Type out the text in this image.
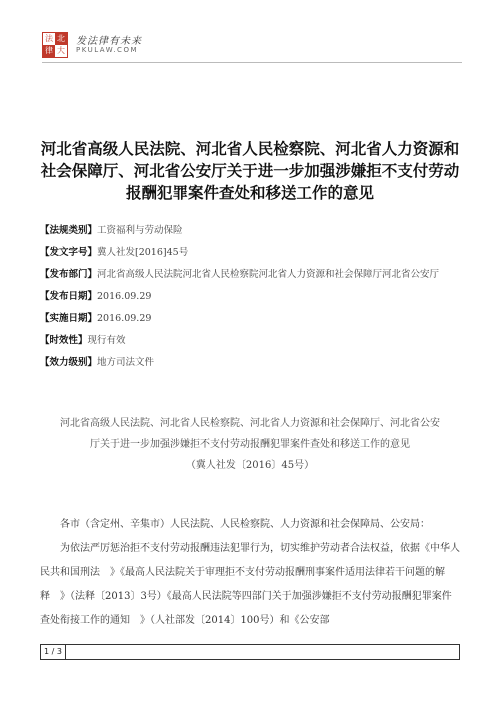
法 北
律 大
发法律有未来
PKULAW.COM
河北省高级人民法院、河北省人民检察院、河北省人力资源和社会保障厅、河北省公安厅关于进一步加强涉嫌拒不支付劳动报酬犯罪案件查处和移送工作的意见
【法规类别】工资福利与劳动保险
【发文字号】冀人社发[2016]45号
【发布部门】河北省高级人民法院河北省人民检察院河北省人力资源和社会保障厅河北省公安厅
【发布日期】2016.09.29
【实施日期】2016.09.29
【时效性】现行有效
【效力级别】地方司法文件
河北省高级人民法院、河北省人民检察院、河北省人力资源和社会保障厅、河北省公安
厅关于进一步加强涉嫌拒不支付劳动报酬犯罪案件查处和移送工作的意见
（冀人社发〔2016〕45号）
各市（含定州、辛集市）人民法院、人民检察院、人力资源和社会保障局、公安局：
为依法严厉惩治拒不支付劳动报酬违法犯罪行为，切实维护劳动者合法权益，依据《中华人民共和国刑法　》《最高人民法院关于审理拒不支付劳动报酬刑事案件适用法律若干问题的解释　》（法释〔2013〕3号）《最高人民法院等四部门关于加强涉嫌拒不支付劳动报酬犯罪案件查处衔接工作的通知　》（人社部发〔2014〕100号）和《公安部
1 / 3
